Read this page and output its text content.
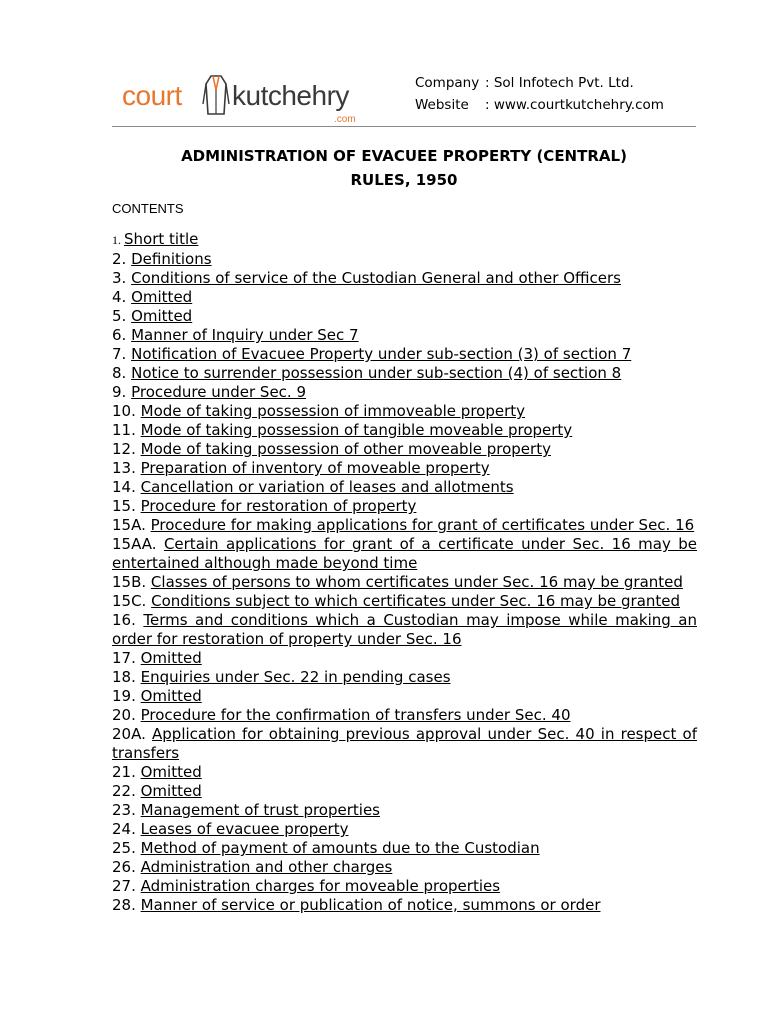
court kutchehry
.com
Company : Sol Infotech Pvt. Ltd.
Website	: www.courtkutchehry.com
ADMINISTRATION OF EVACUEE PROPERTY (CENTRAL)
RULES, 1950
CONTENTS
1. Short title
2. Definitions
3. Conditions of service of the Custodian General and other Officers
4. Omitted
5. Omitted
6. Manner of Inquiry under Sec 7
7. Notification of Evacuee Property under sub-section (3) of section 7
8. Notice to surrender possession under sub-section (4) of section 8
9. Procedure under Sec. 9
10. Mode of taking possession of immoveable property
11. Mode of taking possession of tangible moveable property
12. Mode of taking possession of other moveable property
13. Preparation of inventory of moveable property
14. Cancellation or variation of leases and allotments
15. Procedure for restoration of property
15A. Procedure for making applications for grant of certificates under Sec. 16
15AA. Certain applications for grant of a certificate under Sec. 16 may be entertained although made beyond time
15B. Classes of persons to whom certificates under Sec. 16 may be granted
15C. Conditions subject to which certificates under Sec. 16 may be granted
16. Terms and conditions which a Custodian may impose while making an order for restoration of property under Sec. 16
17. Omitted
18. Enquiries under Sec. 22 in pending cases
19. Omitted
20. Procedure for the confirmation of transfers under Sec. 40
20A. Application for obtaining previous approval under Sec. 40 in respect of transfers
21. Omitted
22. Omitted
23. Management of trust properties
24. Leases of evacuee property
25. Method of payment of amounts due to the Custodian
26. Administration and other charges
27. Administration charges for moveable properties
28. Manner of service or publication of notice, summons or order
